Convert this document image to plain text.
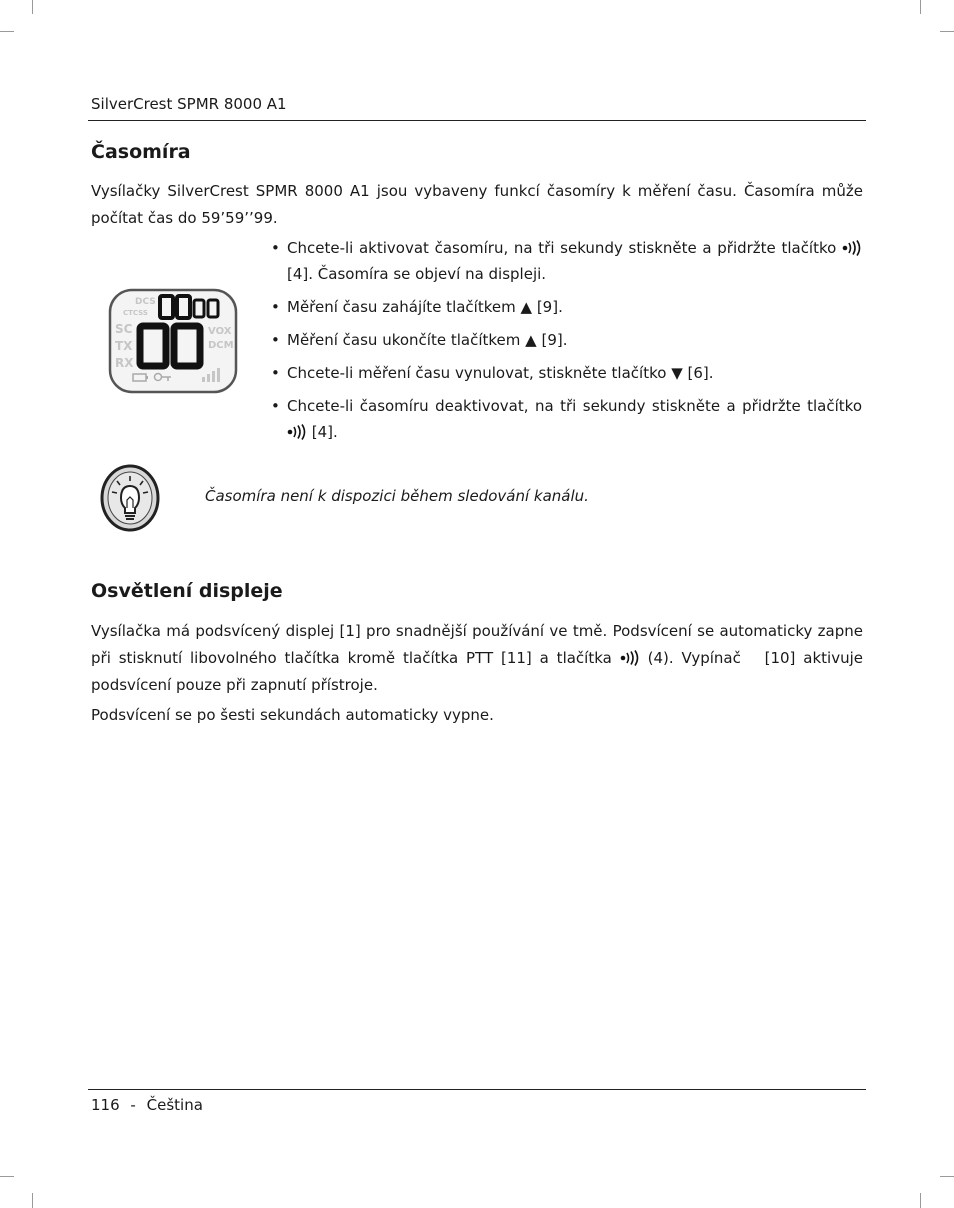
SilverCrest SPMR 8000 A1
Časomíra
Vysílačky SilverCrest SPMR 8000 A1 jsou vybaveny funkcí časomíry k měření času. Časomíra může počítat čas do 59’59’’99.
DCS
CTCSS
SC
TX
RX
VOX
DCM
• Chcete-li aktivovat časomíru, na tři sekundy stiskněte a přidržte tlačítko  [4]. Časomíra se objeví na displeji.
• Měření času zahájíte tlačítkem ▲ [9].
• Měření času ukončíte tlačítkem ▲ [9].
• Chcete-li měření času vynulovat, stiskněte tlačítko ▼ [6].
• Chcete-li časomíru deaktivovat, na tři sekundy stiskněte a přidržte tlačítko  [4].
Časomíra není k dispozici během sledování kanálu.
Osvětlení displeje
Vysílačka má podsvícený displej [1] pro snadnější používání ve tmě. Podsvícení se automaticky zapne při stisknutí libovolného tlačítka kromě tlačítka PTT [11] a tlačítka (4). Vypínač [10] aktivuje podsvícení pouze při zapnutí přístroje.
Podsvícení se po šesti sekundách automaticky vypne.
116 - Čeština
